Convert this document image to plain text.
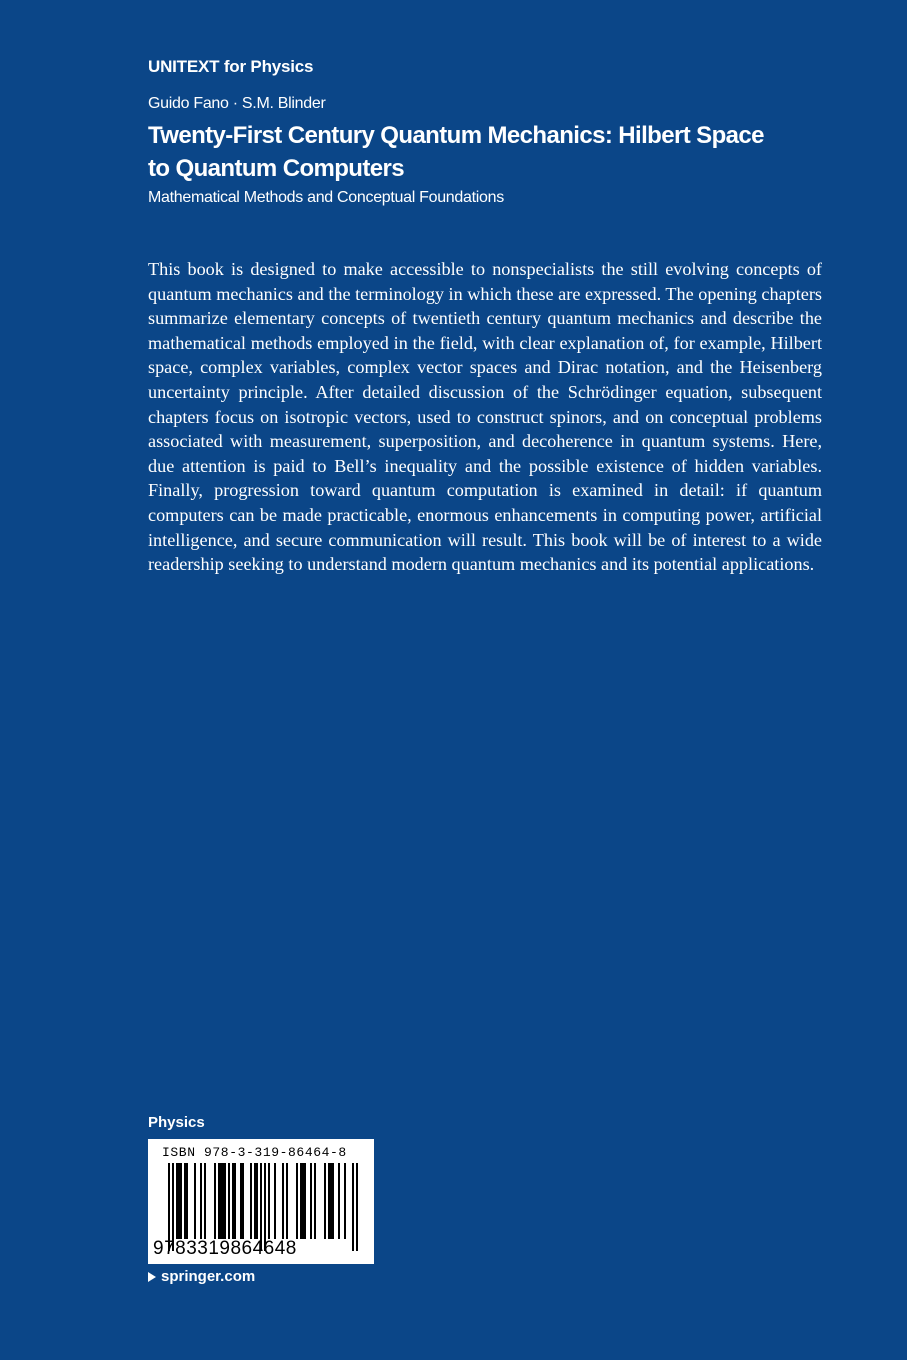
UNITEXT for Physics
Guido Fano · S.M. Blinder
Twenty-First Century Quantum Mechanics: Hilbert Space to Quantum Computers
Mathematical Methods and Conceptual Foundations

This book is designed to make accessible to nonspecialists the still evolving concepts of quantum mechanics and the terminology in which these are expressed. The opening chapters summarize elementary concepts of twentieth century quantum mechanics and describe the mathematical methods employed in the field, with clear explanation of, for example, Hilbert space, complex variables, complex vector spaces and Dirac notation, and the Heisenberg uncertainty principle. After detailed discussion of the Schrödinger equation, subsequent chapters focus on isotropic vectors, used to construct spinors, and on conceptual problems associated with measurement, superposition, and decoherence in quantum systems. Here, due attention is paid to Bell’s inequality and the possible existence of hidden variables. Finally, progression toward quantum computation is examined in detail: if quantum computers can be made practicable, enormous enhancements in computing power, artificial intelligence, and secure communication will result. This book will be of interest to a wide readership seeking to understand modern quantum mechanics and its potential applications.

Physics
ISBN 978-3-319-86464-8
9783319864648
springer.com
